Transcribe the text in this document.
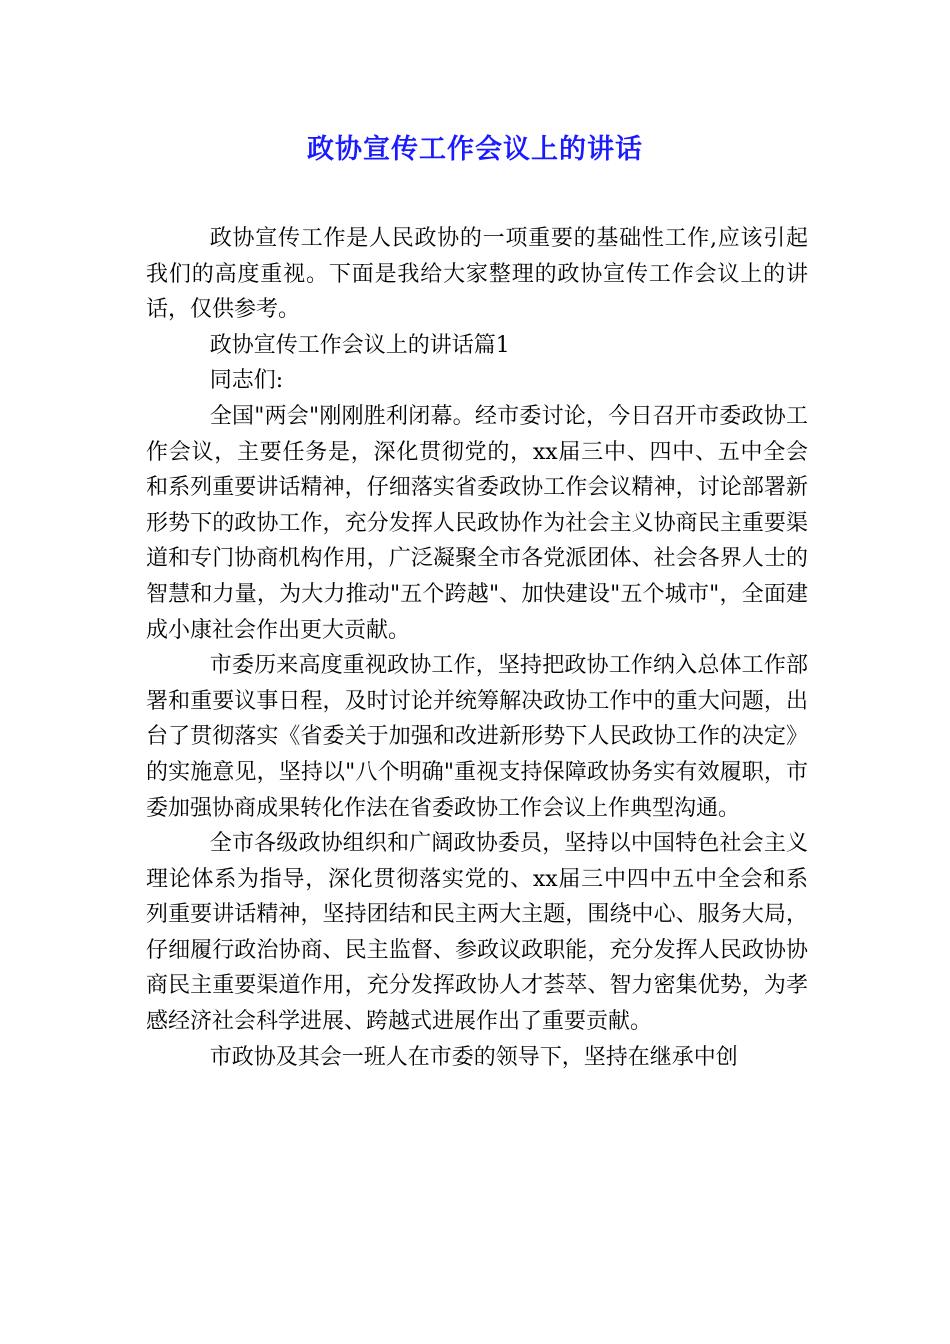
政协宣传工作会议上的讲话

政协宣传工作是人民政协的一项重要的基础性工作,应该引起我们的高度重视。下面是我给大家整理的政协宣传工作会议上的讲话，仅供参考。

政协宣传工作会议上的讲话篇1

同志们:

全国"两会"刚刚胜利闭幕。经市委讨论，今日召开市委政协工作会议，主要任务是，深化贯彻党的，xx届三中、四中、五中全会和系列重要讲话精神，仔细落实省委政协工作会议精神，讨论部署新形势下的政协工作，充分发挥人民政协作为社会主义协商民主重要渠道和专门协商机构作用，广泛凝聚全市各党派团体、社会各界人士的智慧和力量，为大力推动"五个跨越"、加快建设"五个城市"，全面建成小康社会作出更大贡献。

市委历来高度重视政协工作，坚持把政协工作纳入总体工作部署和重要议事日程，及时讨论并统筹解决政协工作中的重大问题，出台了贯彻落实《省委关于加强和改进新形势下人民政协工作的决定》的实施意见，坚持以"八个明确"重视支持保障政协务实有效履职，市委加强协商成果转化作法在省委政协工作会议上作典型沟通。

全市各级政协组织和广阔政协委员，坚持以中国特色社会主义理论体系为指导，深化贯彻落实党的、xx届三中四中五中全会和系列重要讲话精神，坚持团结和民主两大主题，围绕中心、服务大局，仔细履行政治协商、民主监督、参政议政职能，充分发挥人民政协协商民主重要渠道作用，充分发挥政协人才荟萃、智力密集优势，为孝感经济社会科学进展、跨越式进展作出了重要贡献。

市政协及其会一班人在市委的领导下，坚持在继承中创
